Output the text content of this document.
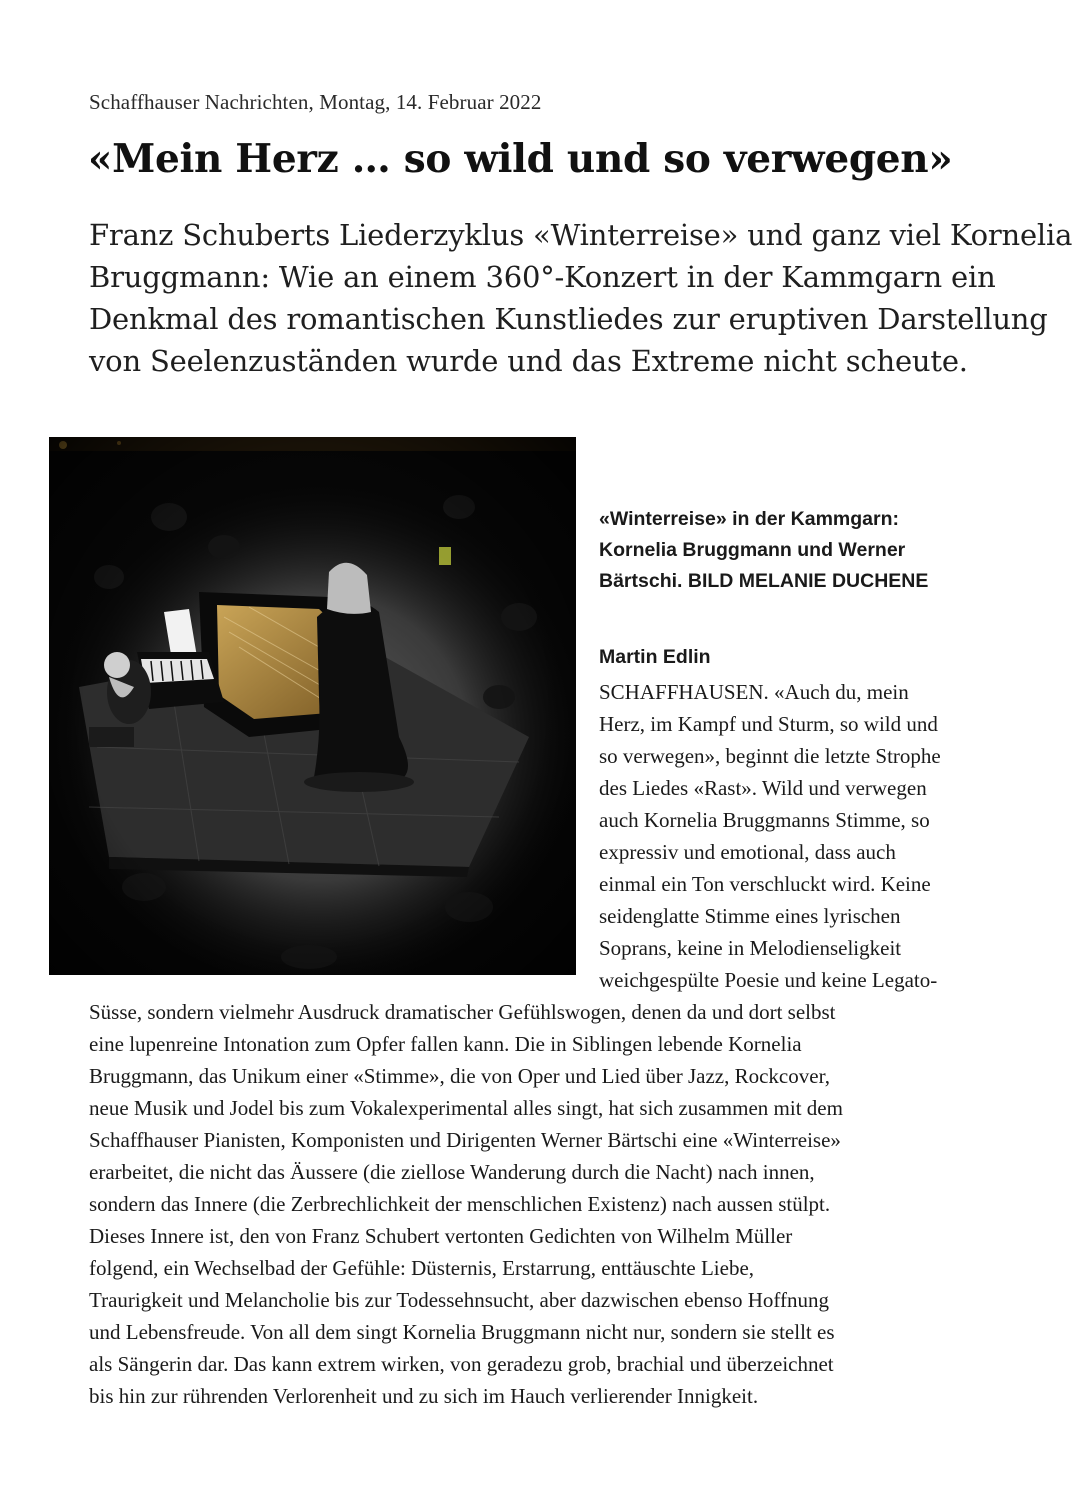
Schaffhauser Nachrichten, Montag, 14. Februar 2022
«Mein Herz … so wild und so verwegen»

Franz Schuberts Liederzyklus «Winterreise» und ganz viel Kornelia
Bruggmann: Wie an einem 360°-Konzert in der Kammgarn ein
Denkmal des romantischen Kunstliedes zur eruptiven Darstellung
von Seelenzuständen wurde und das Extreme nicht scheute.

«Winterreise» in der Kammgarn:
Kornelia Bruggmann und Werner
Bärtschi. BILD MELANIE DUCHENE

Martin Edlin

SCHAFFHAUSEN. «Auch du, mein
Herz, im Kampf und Sturm, so wild und
so verwegen», beginnt die letzte Strophe
des Liedes «Rast». Wild und verwegen
auch Kornelia Bruggmanns Stimme, so
expressiv und emotional, dass auch
einmal ein Ton verschluckt wird. Keine
seidenglatte Stimme eines lyrischen
Soprans, keine in Melodienseligkeit
weichgespülte Poesie und keine Legato-

Süsse, sondern vielmehr Ausdruck dramatischer Gefühlswogen, denen da und dort selbst
eine lupenreine Intonation zum Opfer fallen kann. Die in Siblingen lebende Kornelia
Bruggmann, das Unikum einer «Stimme», die von Oper und Lied über Jazz, Rockcover,
neue Musik und Jodel bis zum Vokalexperimental alles singt, hat sich zusammen mit dem
Schaffhauser Pianisten, Komponisten und Dirigenten Werner Bärtschi eine «Winterreise»
erarbeitet, die nicht das Äussere (die ziellose Wanderung durch die Nacht) nach innen,
sondern das Innere (die Zerbrechlichkeit der menschlichen Existenz) nach aussen stülpt.
Dieses Innere ist, den von Franz Schubert vertonten Gedichten von Wilhelm Müller
folgend, ein Wechselbad der Gefühle: Düsternis, Erstarrung, enttäuschte Liebe,
Traurigkeit und Melancholie bis zur Todessehnsucht, aber dazwischen ebenso Hoffnung
und Lebensfreude. Von all dem singt Kornelia Bruggmann nicht nur, sondern sie stellt es
als Sängerin dar. Das kann extrem wirken, von geradezu grob, brachial und überzeichnet
bis hin zur rührenden Verlorenheit und zu sich im Hauch verlierender Innigkeit.
